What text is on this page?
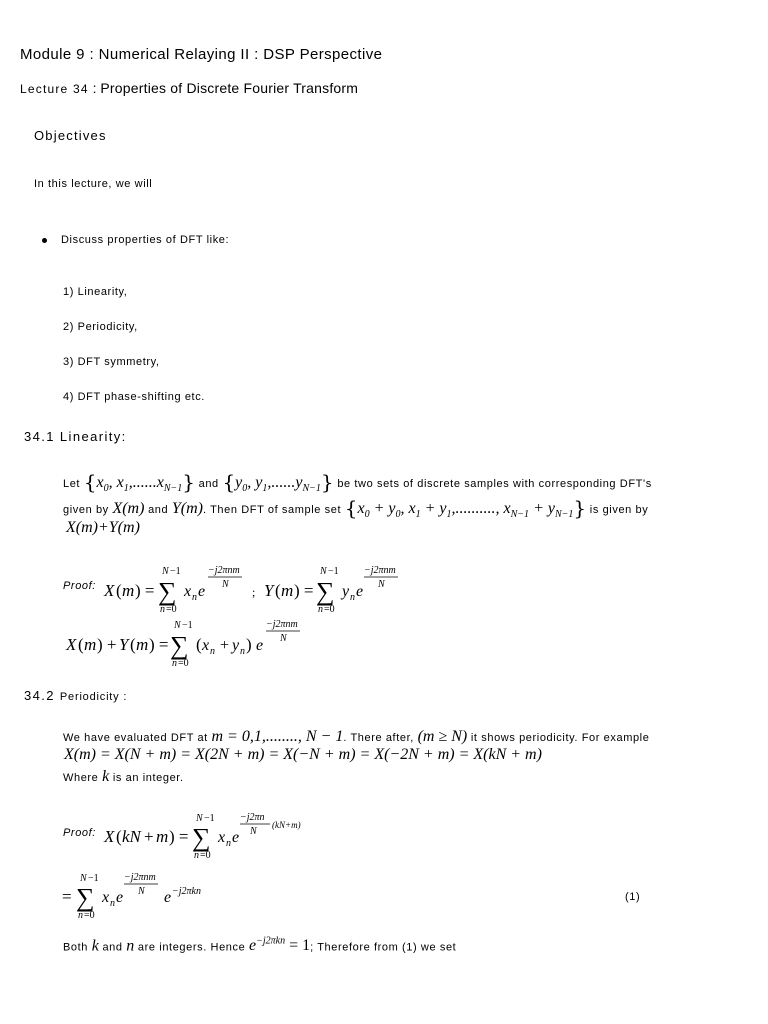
Module 9 : Numerical Relaying II : DSP Perspective
Lecture 34 : Properties of Discrete Fourier Transform
Objectives
In this lecture, we will
Discuss properties of DFT like:
1) Linearity,
2) Periodicity,
3) DFT symmetry,
4) DFT phase-shifting etc.
34.1 Linearity:
Let {$x_0$, $x_1,......x_{N-1}$} and {$y_0$, $y_1,......y_{N-1}$} be two sets of discrete samples with corresponding DFT's
given by X(m) and Y(m). Then DFT of sample set {$x_0 + y_0$, $x_1 + y_1$,.........., $x_{N-1} + y_{N-1}$} is given by
X(m)+Y(m)
Proof: X ( m ) =
N −1
∑
n =0
x n e
−j2πnm
N
; Y ( m ) =
N −1
∑
n =0
y n e
−j2πnm
N
X ( m ) + Y ( m ) =
N −1
∑
n =0
( x n + y n ) e
−j2πnm
N
34.2 Periodicity :
We have evaluated DFT at m = 0,1,........, N − 1. There after, (m ≥ N) it shows periodicity. For example
X(m) = X(N + m) = X(2N + m) = X(−N + m) = X(−2N + m) = X(kN + m)
Where k is an integer.
Proof: X ( kN + m ) =
N −1
∑
n =0
x n e
−j2πn
N
(kN+m)
=
N −1
∑
n =0
x n e
−j2πnm
N e −j2πkn	(1)
Both k and n are integers. Hence $e^{-j2\pi kn} = 1$; Therefore from (1) we set
